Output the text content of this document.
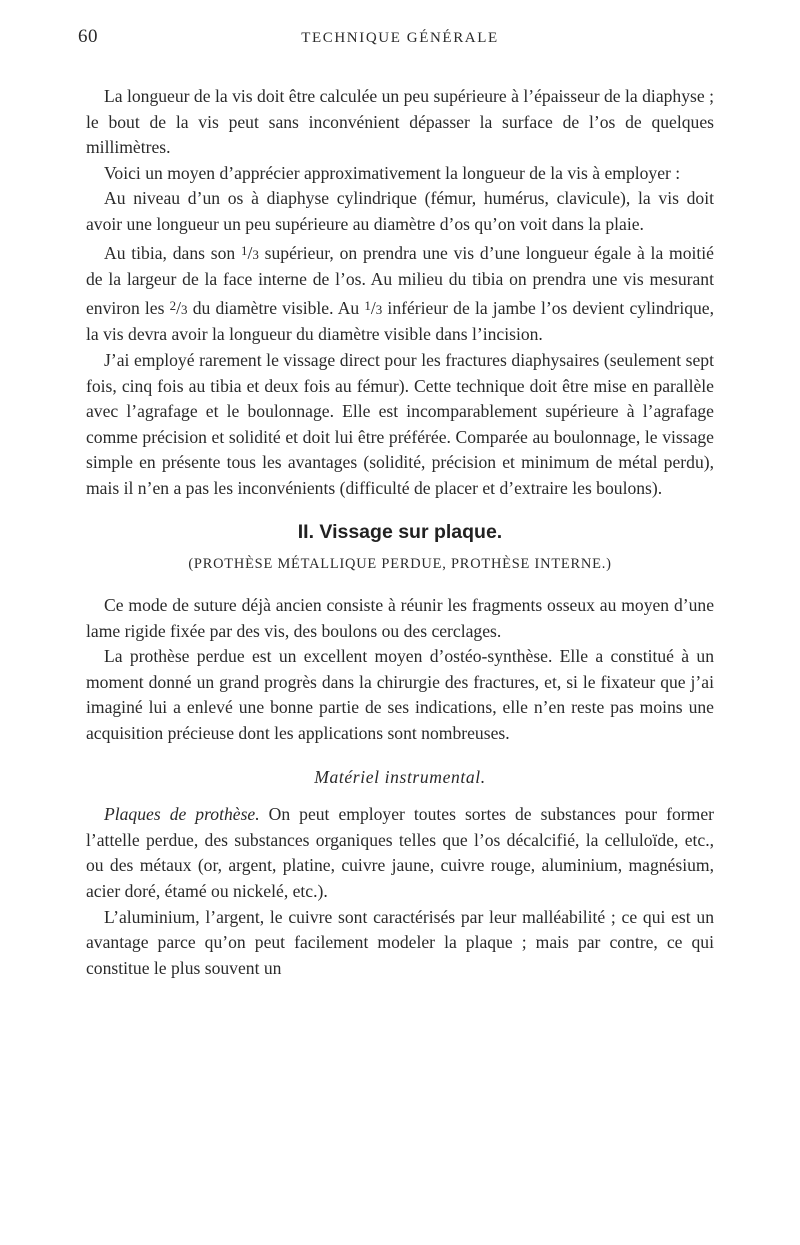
60	TECHNIQUE GÉNÉRALE

La longueur de la vis doit être calculée un peu supérieure à l’épaisseur de la diaphyse ; le bout de la vis peut sans inconvénient dépasser la surface de l’os de quelques millimètres.

Voici un moyen d’apprécier approximativement la longueur de la vis à employer :

Au niveau d’un os à diaphyse cylindrique (fémur, humérus, clavicule), la vis doit avoir une longueur un peu supérieure au diamètre d’os qu’on voit dans la plaie.

Au tibia, dans son $^1$/3 supérieur, on prendra une vis d’une longueur égale à la moitié de la largeur de la face interne de l’os. Au milieu du tibia on prendra une vis mesurant environ les $^2$/3 du diamètre visible. Au $^1$/3 inférieur de la jambe l’os devient cylindrique, la vis devra avoir la longueur du diamètre visible dans l’incision.

J’ai employé rarement le vissage direct pour les fractures diaphysaires (seulement sept fois, cinq fois au tibia et deux fois au fémur). Cette technique doit être mise en parallèle avec l’agrafage et le boulonnage. Elle est incomparablement supérieure à l’agrafage comme précision et solidité et doit lui être préférée. Comparée au boulonnage, le vissage simple en présente tous les avantages (solidité, précision et minimum de métal perdu), mais il n’en a pas les inconvénients (difficulté de placer et d’extraire les boulons).

II. Vissage sur plaque.
(PROTHÈSE MÉTALLIQUE PERDUE, PROTHÈSE INTERNE.)

Ce mode de suture déjà ancien consiste à réunir les fragments osseux au moyen d’une lame rigide fixée par des vis, des boulons ou des cerclages.

La prothèse perdue est un excellent moyen d’ostéo-synthèse. Elle a constitué à un moment donné un grand progrès dans la chirurgie des fractures, et, si le fixateur que j’ai imaginé lui a enlevé une bonne partie de ses indications, elle n’en reste pas moins une acquisition précieuse dont les applications sont nombreuses.

Matériel instrumental.

Plaques de prothèse. On peut employer toutes sortes de substances pour former l’attelle perdue, des substances organiques telles que l’os décalcifié, la celluloïde, etc., ou des métaux (or, argent, platine, cuivre jaune, cuivre rouge, aluminium, magnésium, acier doré, étamé ou nickelé, etc.).

L’aluminium, l’argent, le cuivre sont caractérisés par leur malléabilité ; ce qui est un avantage parce qu’on peut facilement modeler la plaque ; mais par contre, ce qui constitue le plus souvent un
